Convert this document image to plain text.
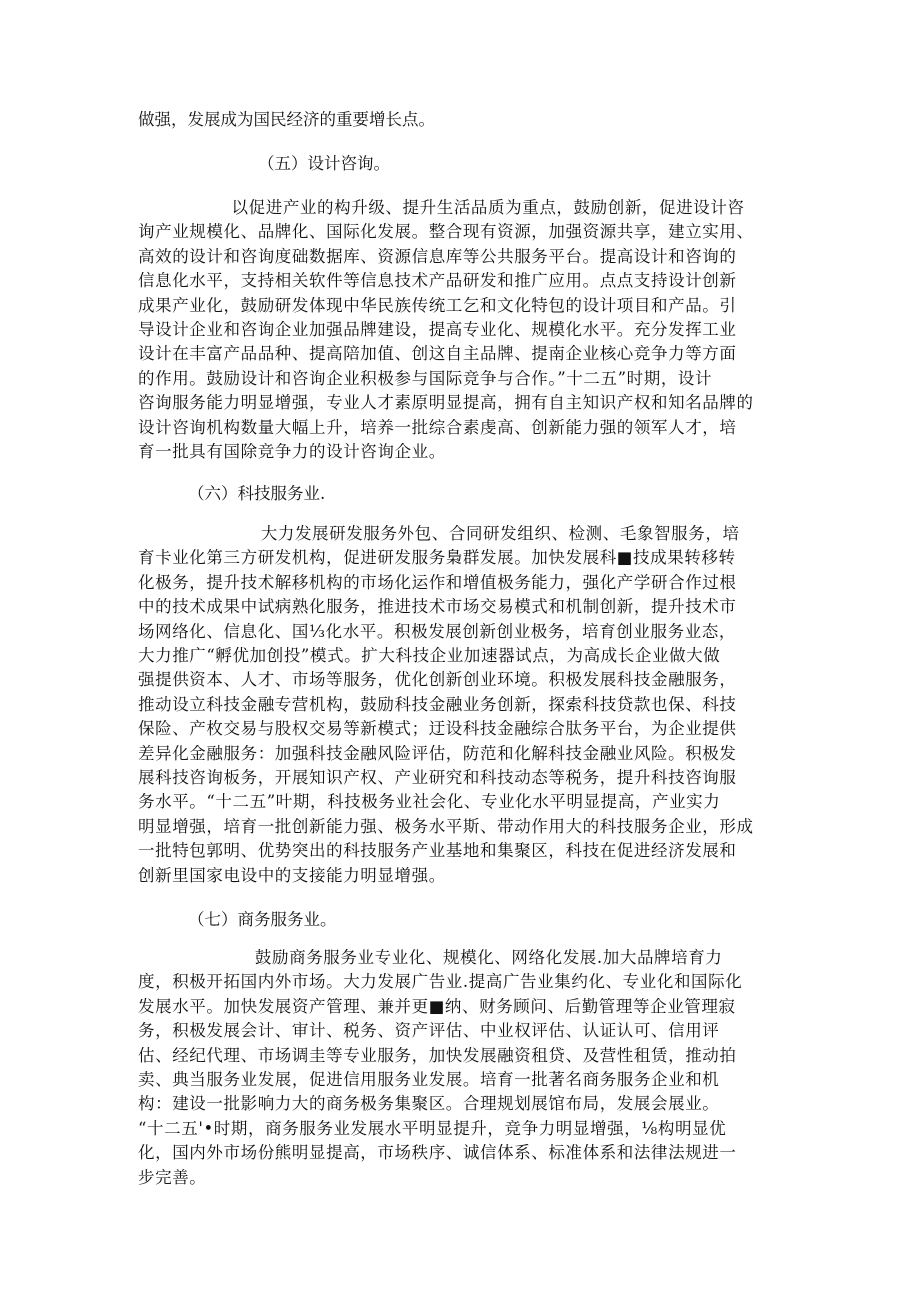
做强，发展成为国民经济的重要增长点。
（五）设计咨询。
以促进产业的构升级、提升生活品质为重点，鼓励创新，促进设计咨
询产业规模化、品牌化、国际化发展。整合现有资源，加强资源共享，建立实用、
高效的设计和咨询度础数据库、资源信息库等公共服务平台。提高设计和咨询的
信息化水平，支持相关软件等信息技术产品研发和推广应用。点点支持设计创新
成果产业化，鼓励研发体现中华民族传统工乞和文化特包的设计项目和产品。引
导设计企业和咨询企业加强品牌建设，提高专业化、规模化水平。充分发挥工业
设计在丰富产品品种、提高陪加值、创这自主品牌、提南企业核心竞争力等方面
的作用。鼓励设计和咨询企业积极参与国际竞争与合作。”十二五”时期，设计
咨询服务能力明显增强，专业人才素原明显提高，拥有自主知识产权和知名品牌的
设计咨询机构数量大幅上升，培养一批综合素虔高、创新能力强的领军人才，培
育一批具有国除竞争力的设计咨询企业。
（六）科技服务业.
大力发展研发服务外包、合同研发组织、检测、毛象智服务，培
育卡业化第三方研发机构，促进研发服务梟群发展。加快发展科■技成果转移转
化极务，提升技术解移机构的市场化运作和增值极务能力，强化产学研合作过根
中的技术成果中试病熟化服务，推进技术市场交易模式和机制创新，提升技术市
场网络化、信息化、国⅓化水平。积极发展创新创业极务，培育创业服务业态，
大力推广“孵优加创投”模式。扩大科技企业加速器试点，为高成长企业做大做
强提供资本、人才、市场等服务，优化创新创业环境。积极发展科技金融服务，
推动设立科技金融专营机构，鼓励科技金融业务创新，探索科技贷款也保、科技
保险、产枚交易与股权交易等新模式；迂设科技金融综合肽务平台，为企业提供
差异化金融服务：加强科技金融风险评估，防范和化解科技金融业风险。积极发
展科技咨询板务，开展知识产权、产业研究和科技动态等税务，提升科技咨询服
务水平。“十二五”叶期，科技极务业社会化、专业化水平明显提高，产业实力
明显增强，培育一批创新能力强、极务水平斯、带动作用大的科技服务企业，形成
一批特包郭明、优势突出的科技服务产业基地和集聚区，科技在促进经济发展和
创新里国家电设中的支接能力明显增强。
（七）商务服务业。
鼓励商务服务业专业化、规模化、网络化发展.加大品牌培育力
度，积极开拓国内外市场。大力发展广告业.提高广告业集约化、专业化和国际化
发展水平。加快发展资产管理、兼并更■纳、财务顾问、后勤管理等企业管理寂
务，积极发展会计、审计、税务、资产评估、中业权评估、认证认可、信用评
估、经纪代理、市场调圭等专业服务，加快发展融资租贷、及营性租赁，推动拍
卖、典当服务业发展，促进信用服务业发展。培育一批著名商务服务企业和机
构：建设一批影响力大的商务极务集聚区。合理规划展馆布局，发展会展业。
“十二五'•时期，商务服务业发展水平明显提升，竞争力明显增强，⅛构明显优
化，国内外市场份熊明显提高，市场秩序、诚信体系、标准体系和法律法规进一
步完善。
